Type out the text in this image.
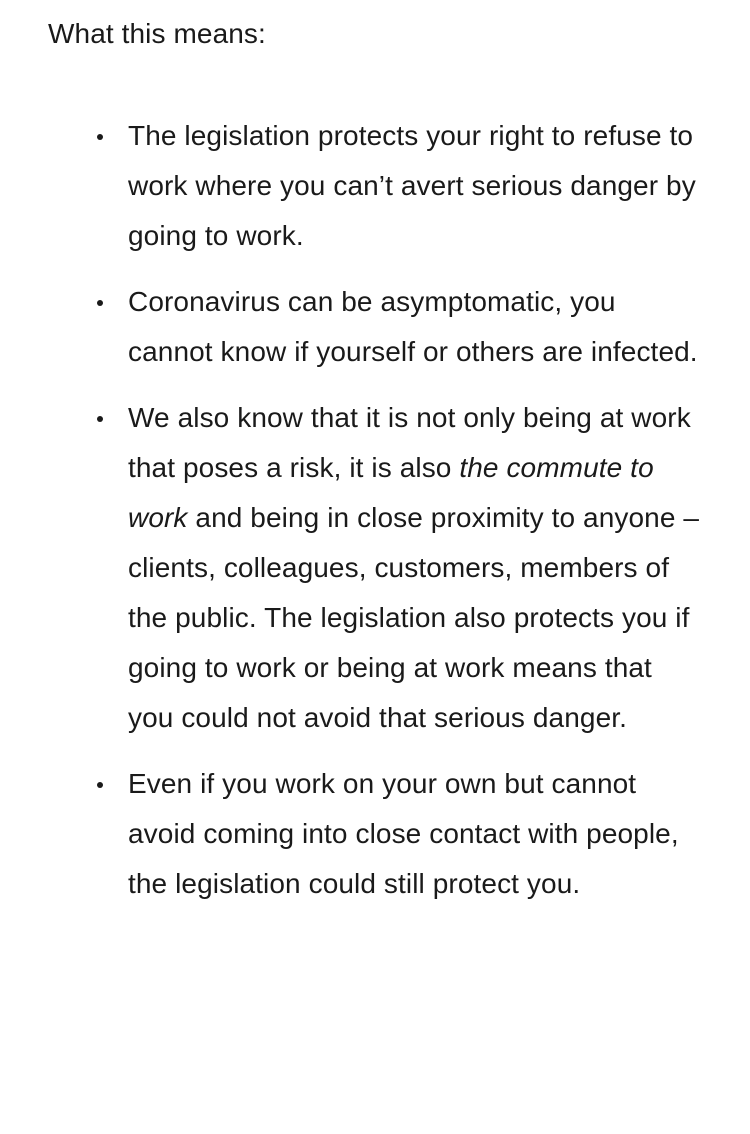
What this means:

The legislation protects your right to refuse to work where you can’t avert serious danger by going to work.
Coronavirus can be asymptomatic, you cannot know if yourself or others are infected.
We also know that it is not only being at work that poses a risk, it is also the commute to work and being in close proximity to anyone – clients, colleagues, customers, members of the public. The legislation also protects you if going to work or being at work means that you could not avoid that serious danger.
Even if you work on your own but cannot avoid coming into close contact with people, the legislation could still protect you.
